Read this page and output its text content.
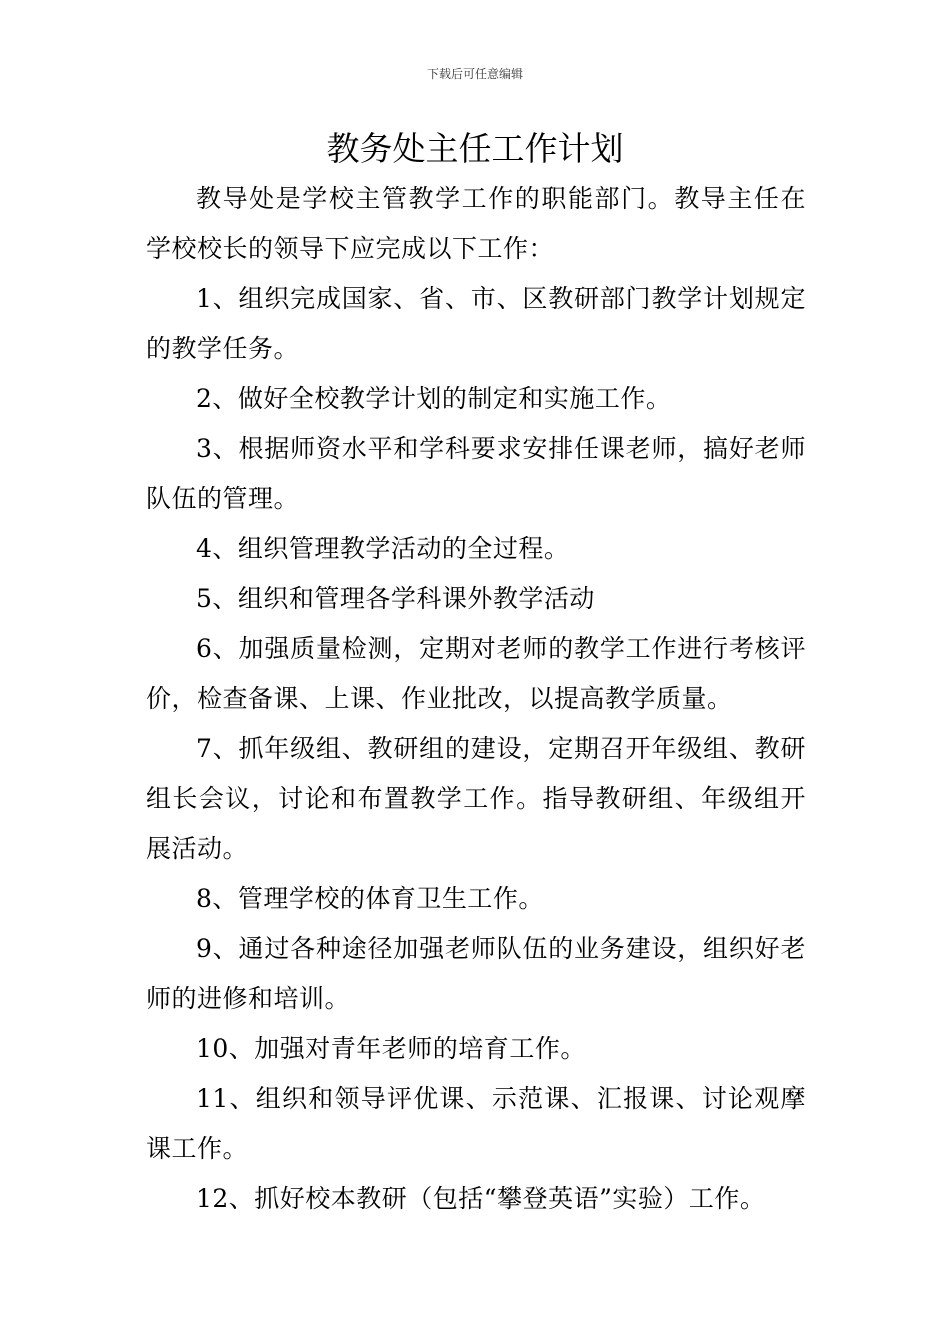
下载后可任意编辑
教务处主任工作计划

教导处是学校主管教学工作的职能部门。教导主任在学校校长的领导下应完成以下工作：

1、组织完成国家、省、市、区教研部门教学计划规定的教学任务。

2、做好全校教学计划的制定和实施工作。

3、根据师资水平和学科要求安排任课老师，搞好老师队伍的管理。

4、组织管理教学活动的全过程。

5、组织和管理各学科课外教学活动

6、加强质量检测，定期对老师的教学工作进行考核评价，检查备课、上课、作业批改，以提高教学质量。

7、抓年级组、教研组的建设，定期召开年级组、教研组长会议，讨论和布置教学工作。指导教研组、年级组开展活动。

8、管理学校的体育卫生工作。

9、通过各种途径加强老师队伍的业务建设，组织好老师的进修和培训。

10、加强对青年老师的培育工作。

11、组织和领导评优课、示范课、汇报课、讨论观摩课工作。

12、抓好校本教研（包括“攀登英语”实验）工作。
